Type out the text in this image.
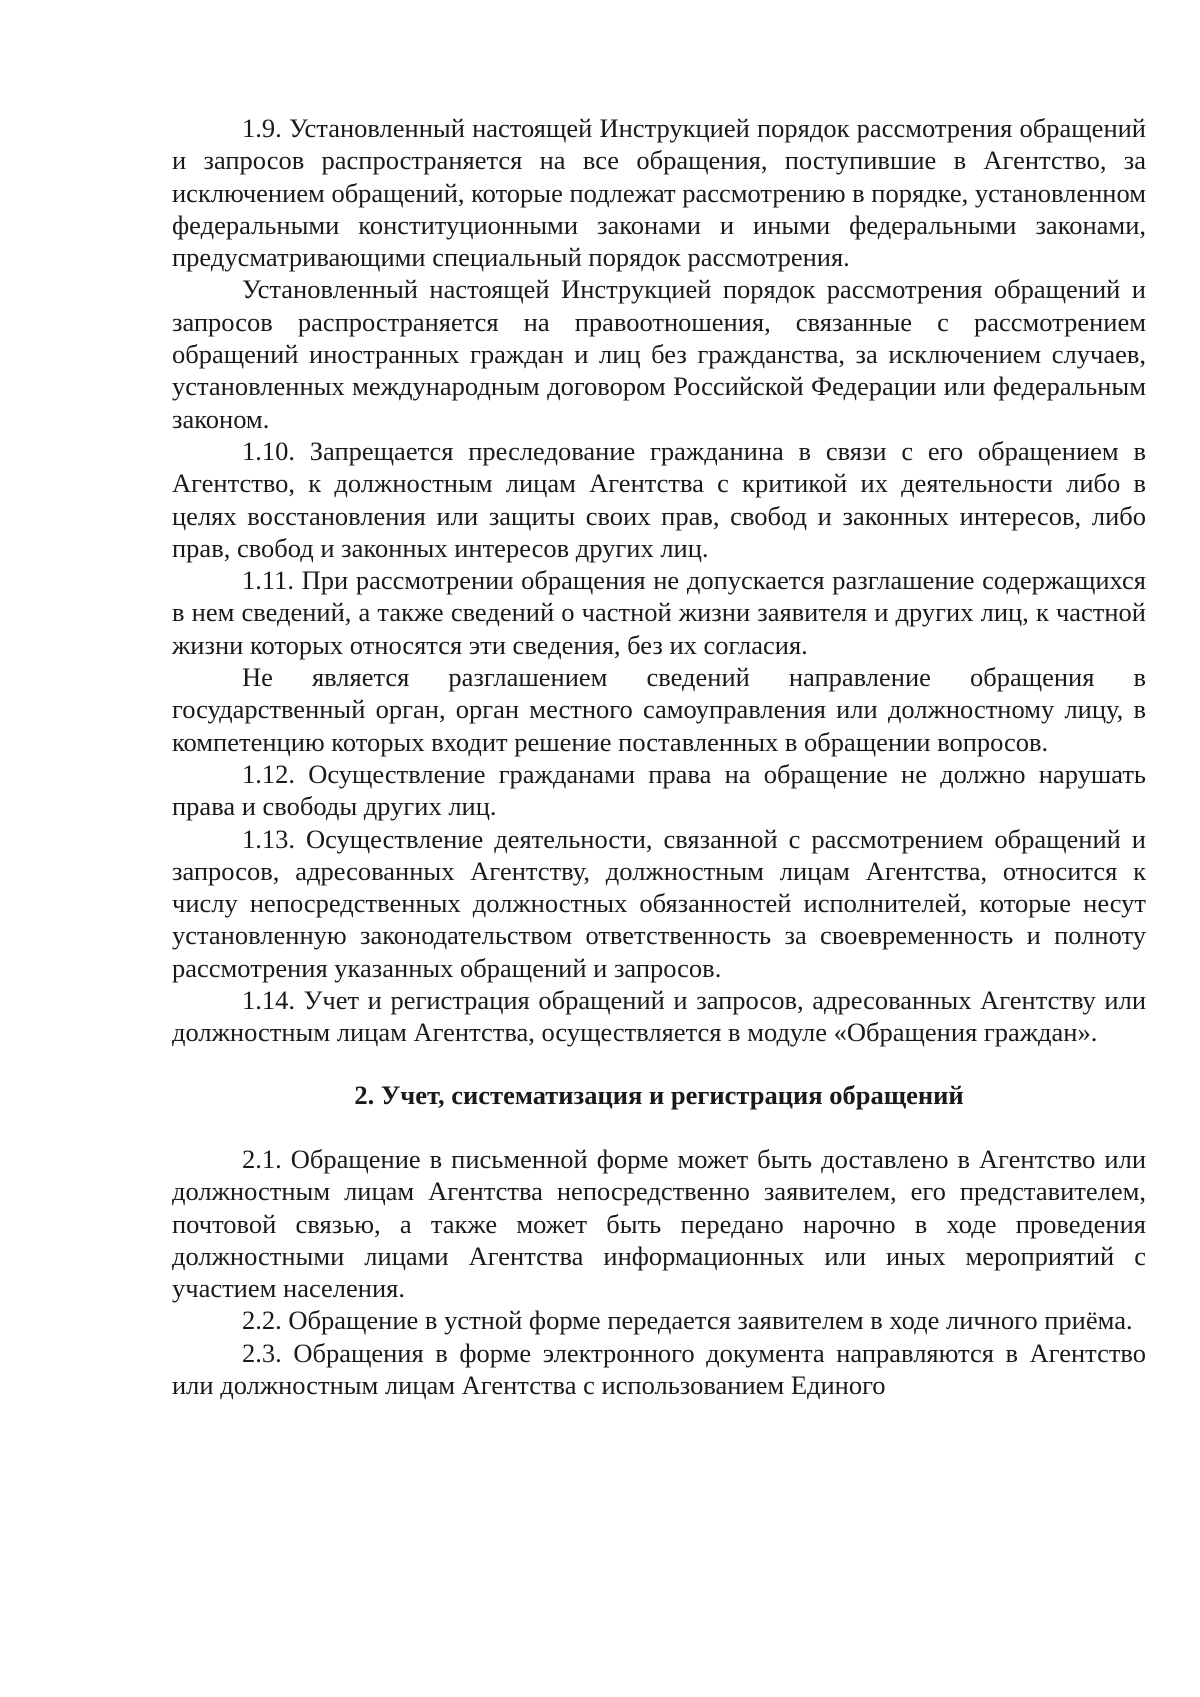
1.9. Установленный настоящей Инструкцией порядок рассмотрения обращений и запросов распространяется на все обращения, поступившие в Агентство, за исключением обращений, которые подлежат рассмотрению в порядке, установленном федеральными конституционными законами и иными федеральными законами, предусматривающими специальный порядок рассмотрения.

Установленный настоящей Инструкцией порядок рассмотрения обращений и запросов распространяется на правоотношения, связанные с рассмотрением обращений иностранных граждан и лиц без гражданства, за исключением случаев, установленных международным договором Российской Федерации или федеральным законом.

1.10. Запрещается преследование гражданина в связи с его обращением в Агентство, к должностным лицам Агентства с критикой их деятельности либо в целях восстановления или защиты своих прав, свобод и законных интересов, либо прав, свобод и законных интересов других лиц.

1.11. При рассмотрении обращения не допускается разглашение содержащихся в нем сведений, а также сведений о частной жизни заявителя и других лиц, к частной жизни которых относятся эти сведения, без их согласия.

Не является разглашением сведений направление обращения в государственный орган, орган местного самоуправления или должностному лицу, в компетенцию которых входит решение поставленных в обращении вопросов.

1.12. Осуществление гражданами права на обращение не должно нарушать права и свободы других лиц.

1.13. Осуществление деятельности, связанной с рассмотрением обращений и запросов, адресованных Агентству, должностным лицам Агентства, относится к числу непосредственных должностных обязанностей исполнителей, которые несут установленную законодательством ответственность за своевременность и полноту рассмотрения указанных обращений и запросов.

1.14. Учет и регистрация обращений и запросов, адресованных Агентству или должностным лицам Агентства, осуществляется в модуле «Обращения граждан».

2. Учет, систематизация и регистрация обращений

2.1. Обращение в письменной форме может быть доставлено в Агентство или должностным лицам Агентства непосредственно заявителем, его представителем, почтовой связью, а также может быть передано нарочно в ходе проведения должностными лицами Агентства информационных или иных мероприятий с участием населения.

2.2. Обращение в устной форме передается заявителем в ходе личного приёма.

2.3. Обращения в форме электронного документа направляются в Агентство или должностным лицам Агентства с использованием Единого
